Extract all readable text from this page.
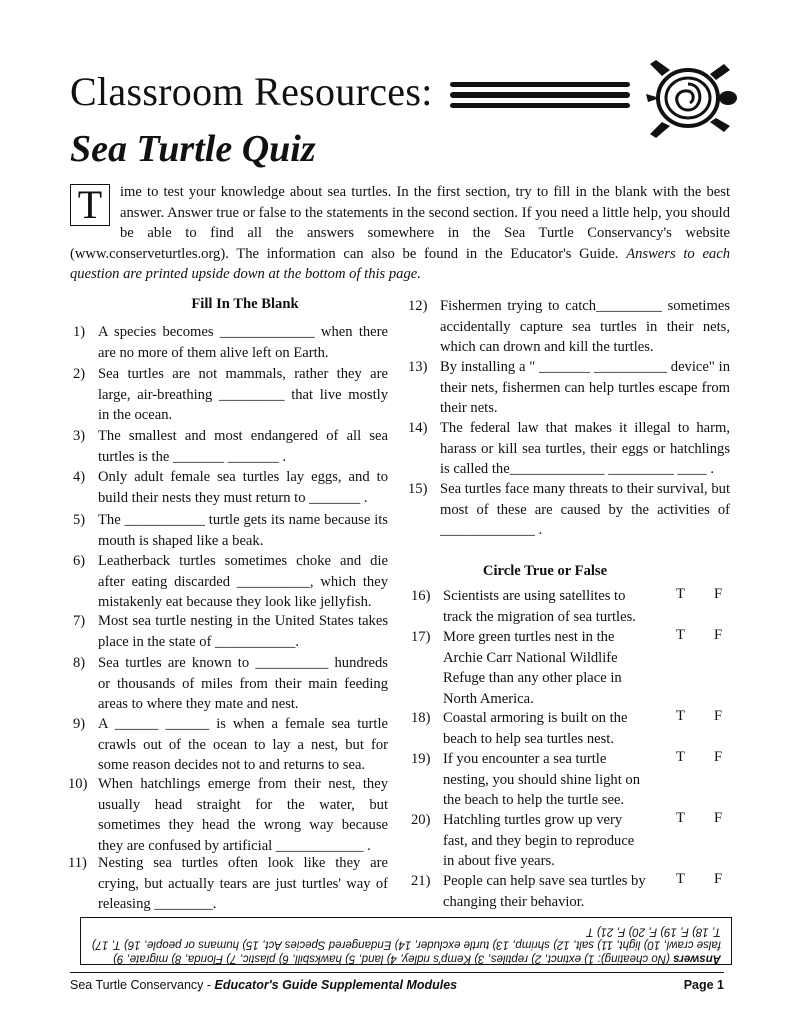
Classroom Resources:
Sea Turtle Quiz
T	ime to test your knowledge about sea turtles. In the first section, try to fill in the blank with the best answer. Answer true or false to the statements in the second section. If you need a little help, you should be able to find all the answers somewhere in the Sea Turtle Conservancy's website (www.conserveturtles.org). The information can also be found in the Educator's Guide. Answers to each question are printed upside down at the bottom of this page.
Fill In The Blank
1) A species becomes _____________ when there are no more of them alive left on Earth.
2) Sea turtles are not mammals, rather they are large, air-breathing _________ that live mostly in the ocean.
3) The smallest and most endangered of all sea turtles is the _______ _______ .
4) Only adult female sea turtles lay eggs, and to build their nests they must return to _______ .
5) The ___________ turtle gets its name because its mouth is shaped like a beak.
6) Leatherback turtles sometimes choke and die after eating discarded __________, which they mistakenly eat because they look like jellyfish.
7) Most sea turtle nesting in the United States takes place in the state of ___________.
8) Sea turtles are known to __________ hundreds or thousands of miles from their main feeding areas to where they mate and nest.
9) A ______ ______ is when a female sea turtle crawls out of the ocean to lay a nest, but for some reason decides not to and returns to sea.
10) When hatchlings emerge from their nest, they usually head straight for the water, but sometimes they head the wrong way because they are confused by artificial ____________ .
11) Nesting sea turtles often look like they are crying, but actually tears are just turtles' way of releasing ________.
12) Fishermen trying to catch_________ sometimes accidentally capture sea turtles in their nets, which can drown and kill the turtles.
13) By installing a " _______ __________ device" in their nets, fishermen can help turtles escape from their nets.
14) The federal law that makes it illegal to harm, harass or kill sea turtles, their eggs or hatchlings is called the_____________ _________ ____ .
15) Sea turtles face many threats to their survival, but most of these are caused by the activities of _____________ .
Circle True or False
16) Scientists are using satellites to track the migration of sea turtles.
17) More green turtles nest in the Archie Carr National Wildlife Refuge than any other place in North America.
18) Coastal armoring is built on the beach to help sea turtles nest.
19) If you encounter a sea turtle nesting, you should shine light on the beach to help the turtle see.
20) Hatchling turtles grow up very fast, and they begin to reproduce in about five years.
21) People can help save sea turtles by changing their behavior.
T F
T F
T F
T F
T F
T F
Answers (No cheating): 1) extinct, 2) reptiles, 3) Kemp's ridley, 4) land, 5) hawksbill, 6) plastic, 7) Florida, 8) migrate, 9) false crawl, 10) light, 11) salt, 12) shrimp, 13) turtle excluder, 14) Endangered Species Act, 15) humans or people, 16) T, 17) T, 18) F, 19) F, 20) F, 21) T
Sea Turtle Conservancy - Educator's Guide Supplemental Modules	Page 1
